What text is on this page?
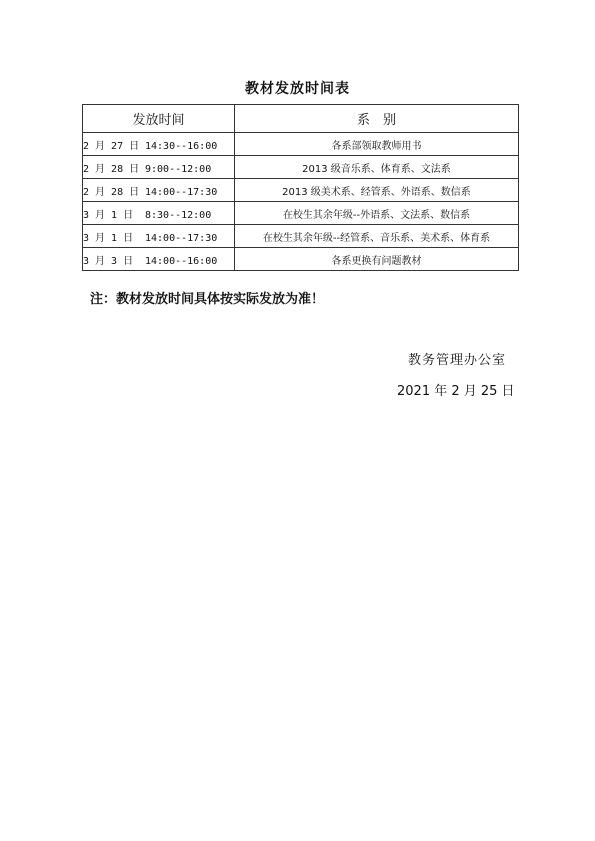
教材发放时间表
发放时间	系　别
2 月 27 日 14:30--16:00	各系部领取教师用书
2 月 28 日 9:00--12:00	2013 级音乐系、体育系、文法系
2 月 28 日 14:00--17:30	2013 级美术系、经管系、外语系、数信系
3 月 1 日 8:30--12:00	在校生其余年级--外语系、文法系、数信系
3 月 1 日 14:00--17:30	在校生其余年级--经管系、音乐系、美术系、体育系
3 月 3 日 14:00--16:00	各系更换有问题教材
注：教材发放时间具体按实际发放为准！
教务管理办公室
2021 年 2 月 25 日
